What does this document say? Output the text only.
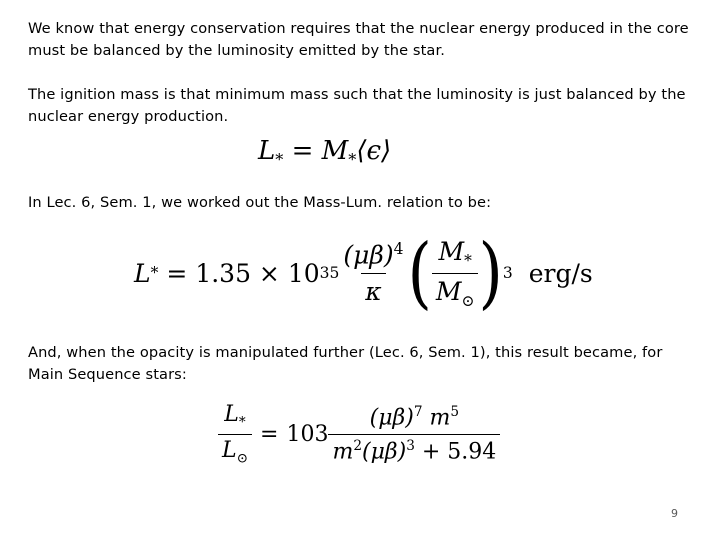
We know that energy conservation requires that the nuclear energy produced in the core must be balanced by the luminosity emitted by the star.
The ignition mass is that minimum mass such that the luminosity is just balanced by the nuclear energy production.
$L_*$ = $M_*⟨\epsilon⟩$
In Lec. 6, Sem. 1, we worked out the Mass-Lum. relation to be:
L * = 1.35 × 10 $35 \frac{(\mu\beta)^4}{\kappa}$ ( $\frac{M_*}{M_⊙}$ ) 3 erg/s
And, when the opacity is manipulated further (Lec. 6, Sem. 1), this result became, for Main Sequence stars:
$\frac{L_*}{L_⊙} = 103 \frac{(\mu\beta)^7 m^5}{m^2(\mu\beta)^3 + 5.94}$
9
